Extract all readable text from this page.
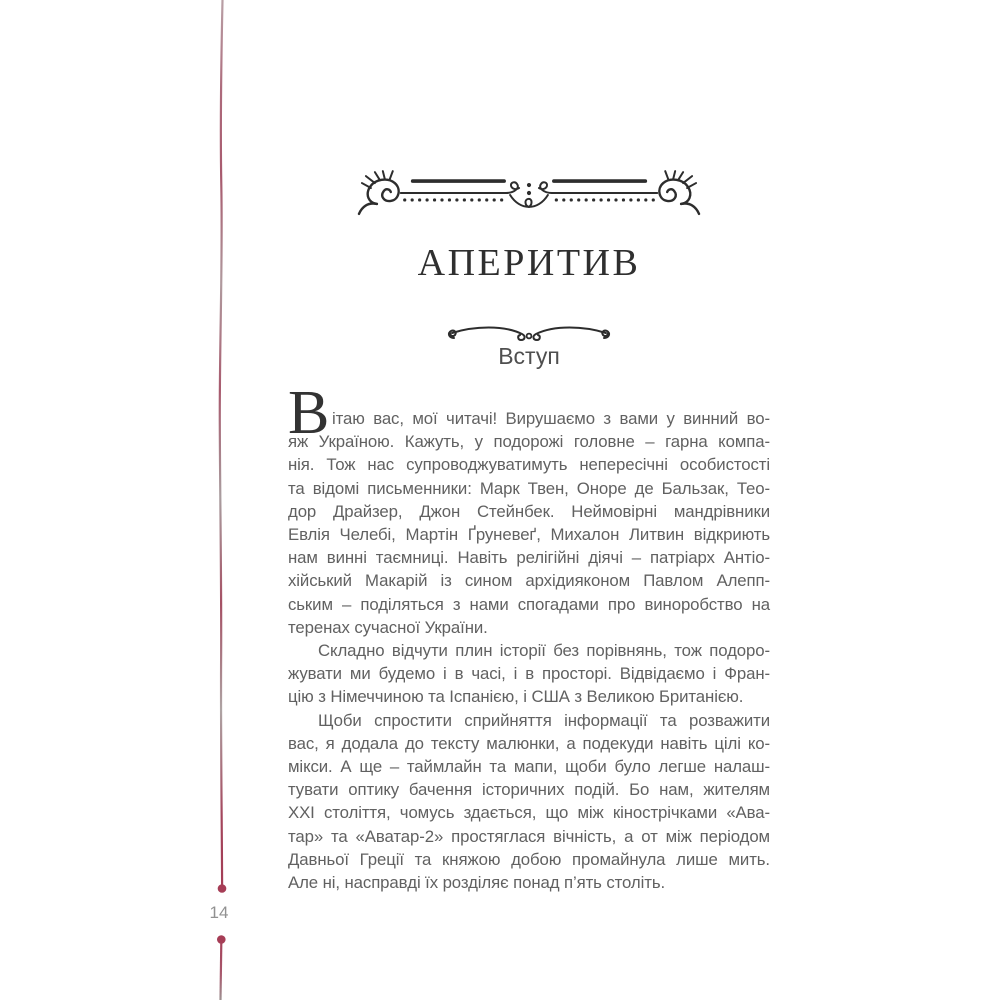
АПЕРИТИВ
Вступ
В ітаю вас, мої читачі! Вирушаємо з вами у винний во-
яж Україною. Кажуть, у подорожі головне – гарна компа-
нія. Тож нас супроводжуватимуть непересічні особистості
та відомі письменники: Марк Твен, Оноре де Бальзак, Тео-
дор Драйзер, Джон Стейнбек. Неймовірні мандрівники
Евлія Челебі, Мартін Ґруневеґ, Михалон Литвин відкриють
нам винні таємниці. Навіть релігійні діячі – патріарх Антіо-
хійський Макарій із сином архідияконом Павлом Алепп-
ським – поділяться з нами спогадами про виноробство на
теренах сучасної України.
Складно відчути плин історії без порівнянь, тож подоро-
жувати ми будемо і в часі, і в просторі. Відвідаємо і Фран-
цію з Німеччиною та Іспанією, і США з Великою Британією.
Щоби спростити сприйняття інформації та розважити
вас, я додала до тексту малюнки, а подекуди навіть цілі ко-
мікси. А ще – таймлайн та мапи, щоби було легше налаш-
тувати оптику бачення історичних подій. Бо нам, жителям
ХХІ століття, чомусь здається, що між кінострічками «Ава-
тар» та «Аватар-2» простяглася вічність, а от між періодом
Давньої Греції та княжою добою промайнула лише мить.
Але ні, насправді їх розділяє понад п’ять століть.
14
